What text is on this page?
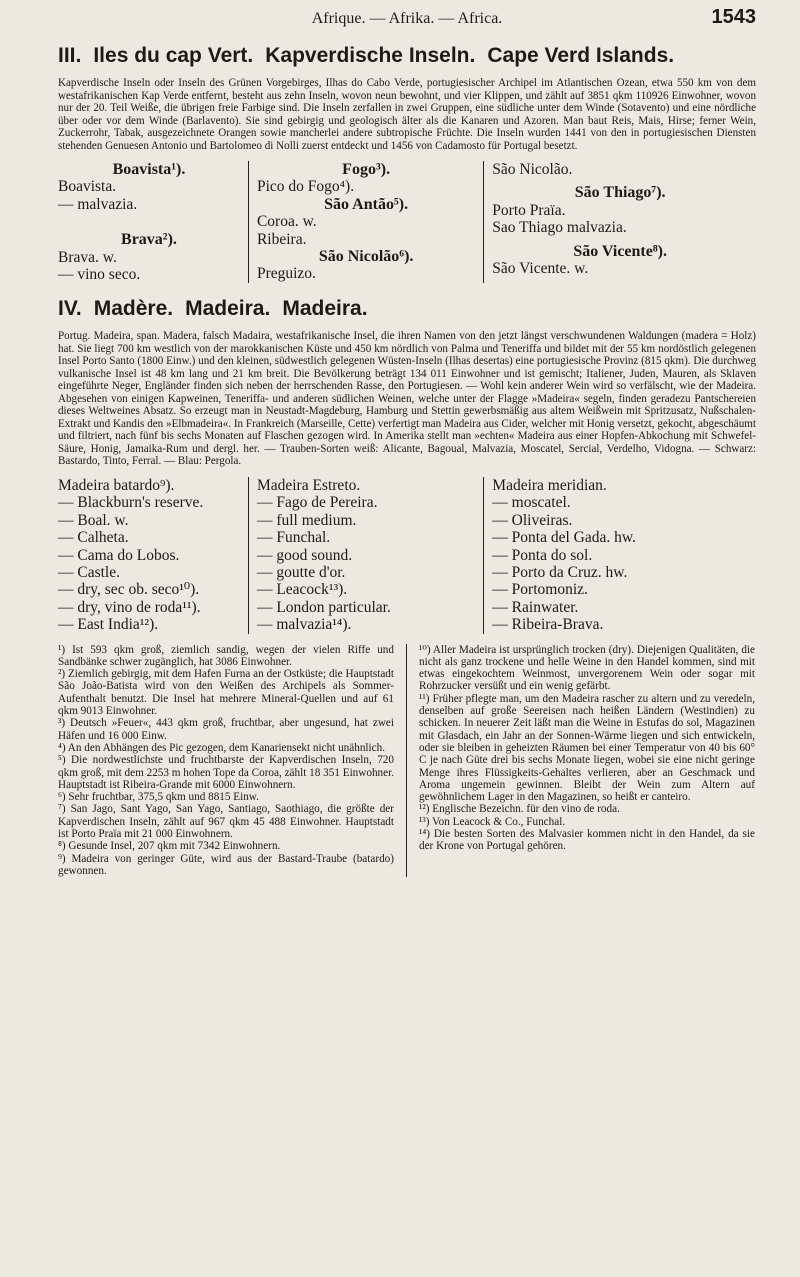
Afrique. — Afrika. — Africa.	1543
III. Iles du cap Vert. Kapverdische Inseln. Cape Verd Islands.
Kapverdische Inseln oder Inseln des Grünen Vorgebirges, Ilhas do Cabo Verde, portugiesischer Archipel im Atlantischen Ozean, etwa 550 km von dem westafrikanischen Kap Verde entfernt, besteht aus zehn Inseln, wovon neun bewohnt, und vier Klippen, und zählt auf 3851 qkm 110926 Einwohner, wovon nur der 20. Teil Weiße, die übrigen freie Farbige sind. Die Inseln zerfallen in zwei Gruppen, eine südliche unter dem Winde (Sotavento) und eine nördliche über oder vor dem Winde (Barlavento). Sie sind gebirgig und geologisch älter als die Kanaren und Azoren. Man baut Reis, Mais, Hirse; ferner Wein, Zuckerrohr, Tabak, ausgezeichnete Orangen sowie mancherlei andere subtropische Früchte. Die Inseln wurden 1441 von den in portugiesischen Diensten stehenden Genuesen Antonio und Bartolomeo di Nolli zuerst entdeckt und 1456 von Cadamosto für Portugal besetzt.
Boavista¹).
Boavista.
— malvazia.
Brava²).
Brava. w.
— vino seco.
Fogo³).
Pico do Fogo⁴).
São Antão⁵).
Coroa. w.
Ribeira.
São Nicolão⁶).
Preguizo.
São Nicolão.
São Thiago⁷).
Porto Praïa.
Sao Thiago malvazia.
São Vicente⁸).
São Vicente. w.
IV. Madère. Madeira. Madeira.
Portug. Madeira, span. Madera, falsch Madaira, westafrikanische Insel, die ihren Namen von den jetzt längst verschwundenen Waldungen (madera = Holz) hat. Sie liegt 700 km westlich von der marokkanischen Küste und 450 km nördlich von Palma und Teneriffa und bildet mit der 55 km nordöstlich gelegenen Insel Porto Santo (1800 Einw.) und den kleinen, südwestlich gelegenen Wüsten-Inseln (Ilhas desertas) eine portugiesische Provinz (815 qkm). Die durchweg vulkanische Insel ist 48 km lang und 21 km breit. Die Bevölkerung beträgt 134 011 Einwohner und ist gemischt; Italiener, Juden, Mauren, als Sklaven eingeführte Neger, Engländer finden sich neben der herrschenden Rasse, den Portugiesen. — Wohl kein anderer Wein wird so verfälscht, wie der Madeira. Abgesehen von einigen Kapweinen, Teneriffa- und anderen südlichen Weinen, welche unter der Flagge »Madeira« segeln, finden geradezu Pantschereien dieses Weltweines Absatz. So erzeugt man in Neustadt-Magdeburg, Hamburg und Stettin gewerbsmäßig aus altem Weißwein mit Spritzusatz, Nußschalen-Extrakt und Kandis den »Elbmadeira«. In Frankreich (Marseille, Cette) verfertigt man Madeira aus Cider, welcher mit Honig versetzt, gekocht, abgeschäumt und filtriert, nach fünf bis sechs Monaten auf Flaschen gezogen wird. In Amerika stellt man »echten« Madeira aus einer Hopfen-Abkochung mit Schwefel-Säure, Honig, Jamaika-Rum und dergl. her. — Trauben-Sorten weiß: Alicante, Bagoual, Malvazia, Moscatel, Sercial, Verdelho, Vidogna. — Schwarz: Bastardo, Tinto, Ferral. — Blau: Pergola.
Madeira batardo⁹).
— Blackburn's reserve.
— Boal. w.
— Calheta.
— Cama do Lobos.
— Castle.
— dry, sec ob. seco¹⁰).
— dry, vino de roda¹¹).
— East India¹²).
Madeira Estreto.
— Fago de Pereira.
— full medium.
— Funchal.
— good sound.
— goutte d'or.
— Leacock¹³).
— London particular.
— malvazia¹⁴).
Madeira meridian.
— moscatel.
— Oliveiras.
— Ponta del Gada. hw.
— Ponta do sol.
— Porto da Cruz. hw.
— Portomoniz.
— Rainwater.
— Ribeira-Brava.

¹) Ist 593 qkm groß, ziemlich sandig, wegen der vielen Riffe und Sandbänke schwer zugänglich, hat 3086 Einwohner.

²) Ziemlich gebirgig, mit dem Hafen Furna an der Ostküste; die Hauptstadt São João-Batista wird von den Weißen des Archipels als Sommer-Aufenthalt benutzt. Die Insel hat mehrere Mineral-Quellen und auf 61 qkm 9013 Einwohner.

³) Deutsch »Feuer«, 443 qkm groß, fruchtbar, aber ungesund, hat zwei Häfen und 16 000 Einw.

⁴) An den Abhängen des Pic gezogen, dem Kanariensekt nicht unähnlich.

⁵) Die nordwestlichste und fruchtbarste der Kapverdischen Inseln, 720 qkm groß, mit dem 2253 m hohen Tope da Coroa, zählt 18 351 Einwohner. Hauptstadt ist Ribeira-Grande mit 6000 Einwohnern.

⁶) Sehr fruchtbar, 375,5 qkm und 8815 Einw.

⁷) San Jago, Sant Yago, San Yago, Santiago, Saothiago, die größte der Kapverdischen Inseln, zählt auf 967 qkm 45 488 Einwohner. Hauptstadt ist Porto Praïa mit 21 000 Einwohnern.

⁸) Gesunde Insel, 207 qkm mit 7342 Einwohnern.

⁹) Madeira von geringer Güte, wird aus der Bastard-Traube (batardo) gewonnen.

¹⁰) Aller Madeira ist ursprünglich trocken (dry). Diejenigen Qualitäten, die nicht als ganz trockene und helle Weine in den Handel kommen, sind mit etwas eingekochtem Weinmost, unvergorenem Wein oder sogar mit Rohrzucker versüßt und ein wenig gefärbt.

¹¹) Früher pflegte man, um den Madeira rascher zu altern und zu veredeln, denselben auf große Seereisen nach heißen Ländern (Westindien) zu schicken. In neuerer Zeit läßt man die Weine in Estufas do sol, Magazinen mit Glasdach, ein Jahr an der Sonnen-Wärme liegen und sich entwickeln, oder sie bleiben in geheizten Räumen bei einer Temperatur von 40 bis 60° C je nach Güte drei bis sechs Monate liegen, wobei sie eine nicht geringe Menge ihres Flüssigkeits-Gehaltes verlieren, aber an Geschmack und Aroma ungemein gewinnen. Bleibt der Wein zum Altern auf gewöhnlichem Lager in den Magazinen, so heißt er canteiro.

¹²) Englische Bezeichn. für den vino de roda.

¹³) Von Leacock & Co., Funchal.

¹⁴) Die besten Sorten des Malvasier kommen nicht in den Handel, da sie der Krone von Portugal gehören.
